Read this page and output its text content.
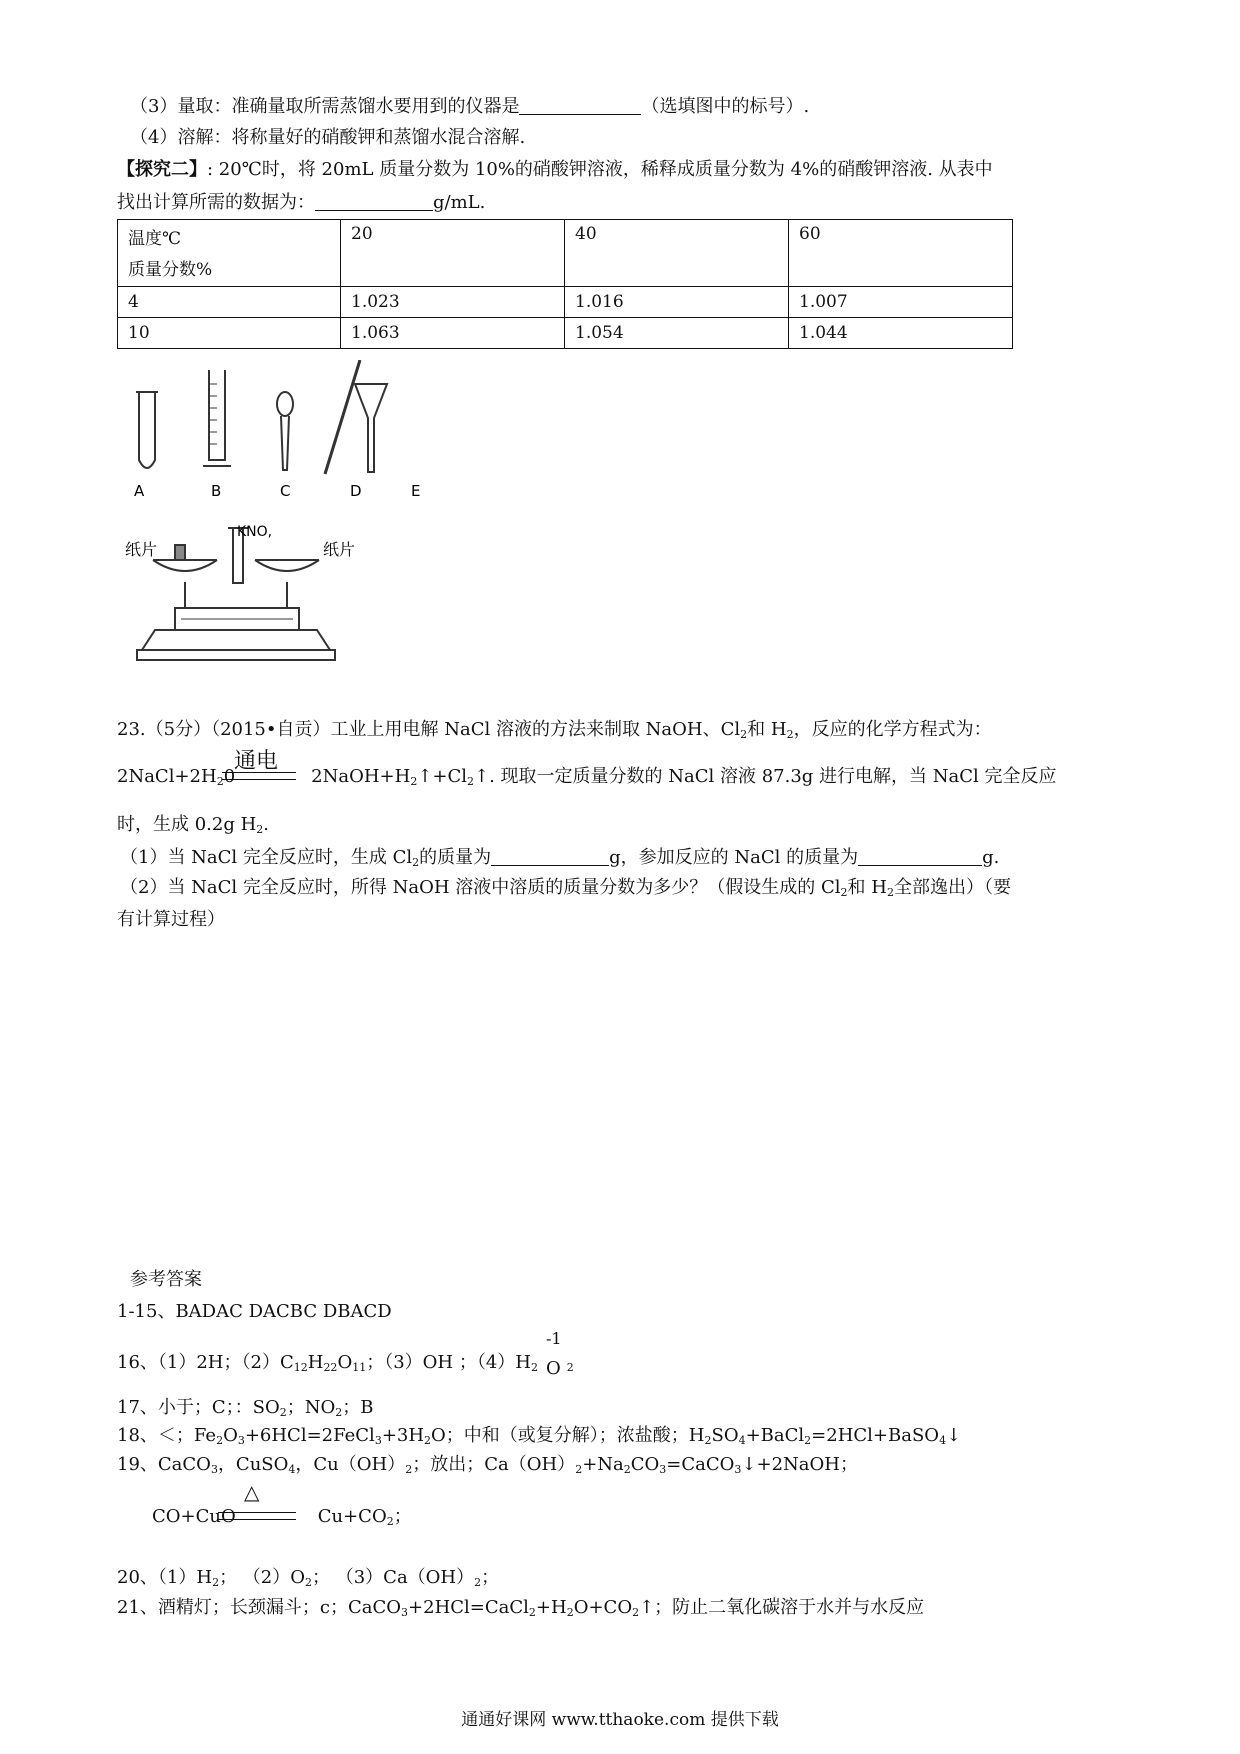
（3）量取：准确量取所需蒸馏水要用到的仪器是	（选填图中的标号）.
（4）溶解：将称量好的硝酸钾和蒸馏水混合溶解.
【探究二】: 20℃时，将 20mL 质量分数为 10%的硝酸钾溶液，稀释成质量分数为 4%的硝酸钾溶液. 从表中
找出计算所需的数据为：	g/mL.
温度℃
质量分数%	20	40	60
4	1.023	1.016	1.007
10	1.063	1.054	1.044
A	B	C	D	E
纸片
KNO,
纸片
23.（5分）（2015•自贡）工业上用电解 NaCl 溶液的方法来制取 NaOH、$Cl_2$和 $H_2$，反应的化学方程式为：
通电
$2NaCl+2H_20$	$2NaOH+H_2↑+Cl_2↑$. 现取一定质量分数的 NaCl 溶液 87.3g 进行电解，当 NaCl 完全反应
时，生成 0.2g $H_2$.
（1）当 NaCl 完全反应时，生成 $Cl_2$的质量为	g，参加反应的 NaCl 的质量为	g.
（2）当 NaCl 完全反应时，所得 NaOH 溶液中溶质的质量分数为多少？（假设生成的 $Cl_2$和 $H_2$全部逸出）（要
有计算过程）
参考答案
1-15、BADAC DACBC DBACD
16、（1）2H；$(2)C_{12}H_{22}O_{11}$；（3）OH ；$(4)H_2$
-1
O $_2$
17、小于；C；：$SO_2$；$NO_2$；B
18、＜；$Fe_2O_3+6HCl=2FeCl_3+3H_2O$；中和（或复分解）；浓盐酸；$H_2SO_4+BaCl_2=2HCl+BaSO_4↓$
19、CaCO$_3$，CuSO$_4$，$Cu(OH)_2$；放出；$Ca(OH)_2+Na_2CO_3=CaCO_3↓+2NaOH$；
△
CO+CuO	$Cu+CO_2$；
20、$(1)H_2$； $(2)O_2$； $(3)Ca(OH)_2$；
21、酒精灯；长颈漏斗；c；$CaCO_3+2HCl=CaCl_2+H_2O+CO_2↑$；防止二氧化碳溶于水并与水反应
通通好课网 www.tthaoke.com 提供下载
